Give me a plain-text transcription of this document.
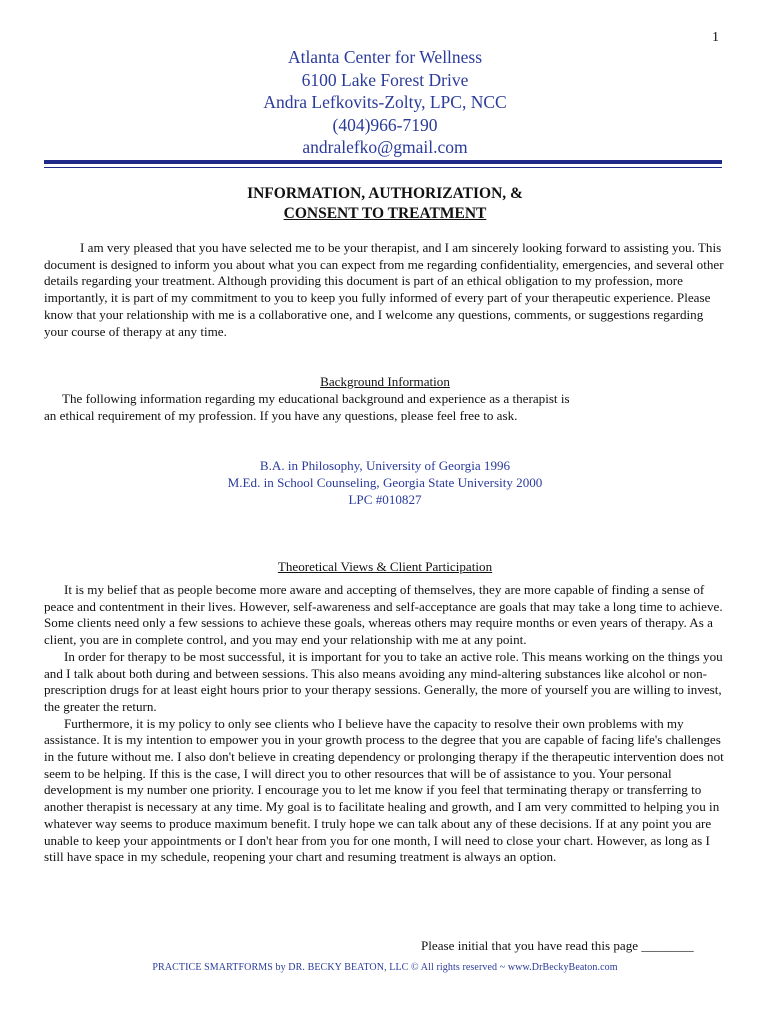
1
Atlanta Center for Wellness
6100 Lake Forest Drive
Andra Lefkovits-Zolty, LPC, NCC
(404)966-7190
andralefko@gmail.com
INFORMATION, AUTHORIZATION, &
CONSENT TO TREATMENT

I am very pleased that you have selected me to be your therapist, and I am sincerely looking forward to assisting you. This document is designed to inform you about what you can expect from me regarding confidentiality, emergencies, and several other details regarding your treatment. Although providing this document is part of an ethical obligation to my profession, more importantly, it is part of my commitment to you to keep you fully informed of every part of your therapeutic experience. Please know that your relationship with me is a collaborative one, and I welcome any questions, comments, or suggestions regarding your course of therapy at any time.

Background Information
The following information regarding my educational background and experience as a therapist is
an ethical requirement of my profession. If you have any questions, please feel free to ask.
B.A. in Philosophy, University of Georgia 1996
M.Ed. in School Counseling, Georgia State University 2000
LPC #010827
Theoretical Views & Client Participation

It is my belief that as people become more aware and accepting of themselves, they are more capable of finding a sense of peace and contentment in their lives. However, self-awareness and self-acceptance are goals that may take a long time to achieve. Some clients need only a few sessions to achieve these goals, whereas others may require months or even years of therapy. As a client, you are in complete control, and you may end your relationship with me at any point.

In order for therapy to be most successful, it is important for you to take an active role. This means working on the things you and I talk about both during and between sessions. This also means avoiding any mind-altering substances like alcohol or non-prescription drugs for at least eight hours prior to your therapy sessions. Generally, the more of yourself you are willing to invest, the greater the return.

Furthermore, it is my policy to only see clients who I believe have the capacity to resolve their own problems with my assistance. It is my intention to empower you in your growth process to the degree that you are capable of facing life's challenges in the future without me. I also don't believe in creating dependency or prolonging therapy if the therapeutic intervention does not seem to be helping. If this is the case, I will direct you to other resources that will be of assistance to you. Your personal development is my number one priority. I encourage you to let me know if you feel that terminating therapy or transferring to another therapist is necessary at any time. My goal is to facilitate healing and growth, and I am very committed to helping you in whatever way seems to produce maximum benefit. I truly hope we can talk about any of these decisions. If at any point you are unable to keep your appointments or I don't hear from you for one month, I will need to close your chart. However, as long as I still have space in my schedule, reopening your chart and resuming treatment is always an option.

Please initial that you have read this page ________
PRACTICE SMARTFORMS by DR. BECKY BEATON, LLC © All rights reserved ~ www.DrBeckyBeaton.com
